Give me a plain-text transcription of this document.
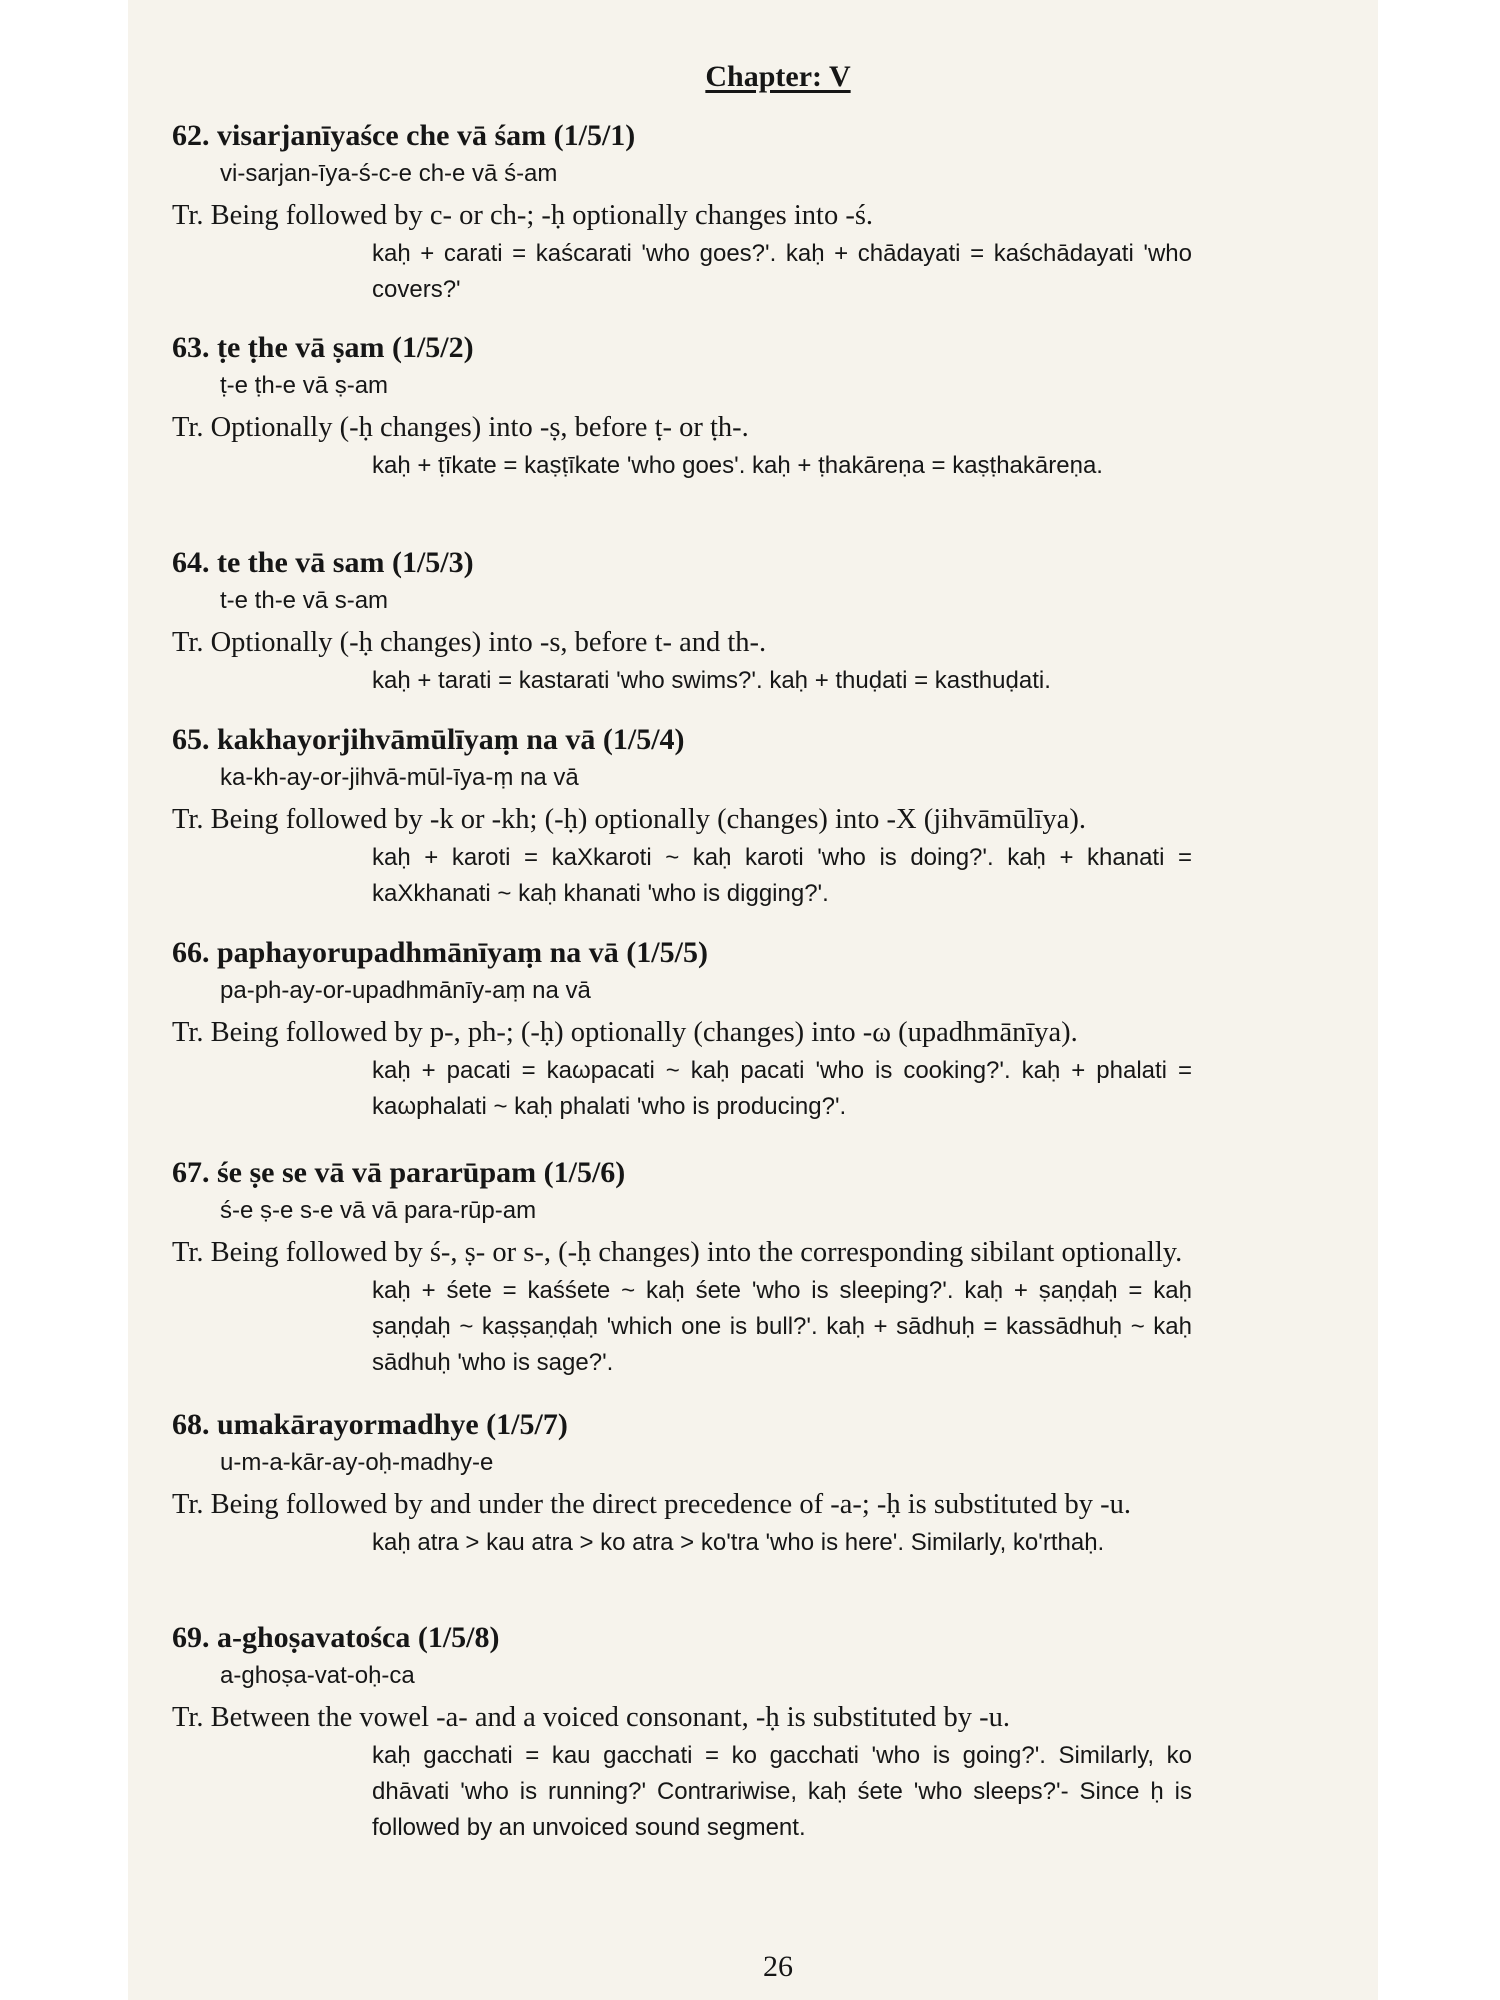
Chapter: V

62. visarjanīyaśce che vā śam (1/5/1)

vi-sarjan-īya-ś-c-e ch-e vā ś-am

Tr. Being followed by c- or ch-; -ḥ optionally changes into -ś.

kaḥ + carati = kaścarati 'who goes?'. kaḥ + chādayati = kaśchādayati 'who covers?'

63. ṭe ṭhe vā ṣam (1/5/2)

ṭ-e ṭh-e vā ṣ-am

Tr. Optionally (-ḥ changes) into -ṣ, before ṭ- or ṭh-.

kaḥ + ṭīkate = kaṣṭīkate 'who goes'. kaḥ + ṭhakāreṇa = kaṣṭhakāreṇa.

64. te the vā sam (1/5/3)

t-e th-e vā s-am

Tr. Optionally (-ḥ changes) into -s, before t- and th-.

kaḥ + tarati = kastarati 'who swims?'. kaḥ + thuḍati = kasthuḍati.

65. kakhayorjihvāmūlīyaṃ na vā (1/5/4)

ka-kh-ay-or-jihvā-mūl-īya-ṃ na vā

Tr. Being followed by -k or -kh; (-ḥ) optionally (changes) into -X (jihvāmūlīya).

kaḥ + karoti = kaXkaroti ~ kaḥ karoti 'who is doing?'. kaḥ + khanati = kaXkhanati ~ kaḥ khanati 'who is digging?'.

66. paphayorupadhmānīyaṃ na vā (1/5/5)

pa-ph-ay-or-upadhmānīy-aṃ na vā

Tr. Being followed by p-, ph-; (-ḥ) optionally (changes) into -ω (upadhmānīya).

kaḥ + pacati = kaωpacati ~ kaḥ pacati 'who is cooking?'. kaḥ + phalati = kaωphalati ~ kaḥ phalati 'who is producing?'.

67. śe ṣe se vā vā pararūpam (1/5/6)

ś-e ṣ-e s-e vā vā para-rūp-am

Tr. Being followed by ś-, ṣ- or s-, (-ḥ changes) into the corresponding sibilant optionally.

kaḥ + śete = kaśśete ~ kaḥ śete 'who is sleeping?'. kaḥ + ṣaṇḍaḥ = kaḥ ṣaṇḍaḥ ~ kaṣṣaṇḍaḥ 'which one is bull?'. kaḥ + sādhuḥ = kassādhuḥ ~ kaḥ sādhuḥ 'who is sage?'.

68. umakārayormadhye (1/5/7)

u-m-a-kār-ay-oḥ-madhy-e

Tr. Being followed by and under the direct precedence of -a-; -ḥ is substituted by -u.

kaḥ atra > kau atra > ko atra > ko'tra 'who is here'. Similarly, ko'rthaḥ.

69. a-ghoṣavatośca (1/5/8)

a-ghoṣa-vat-oḥ-ca

Tr. Between the vowel -a- and a voiced consonant, -ḥ is substituted by -u.

kaḥ gacchati = kau gacchati = ko gacchati 'who is going?'. Similarly, ko dhāvati 'who is running?' Contrariwise, kaḥ śete 'who sleeps?'- Since ḥ is followed by an unvoiced sound segment.

26
